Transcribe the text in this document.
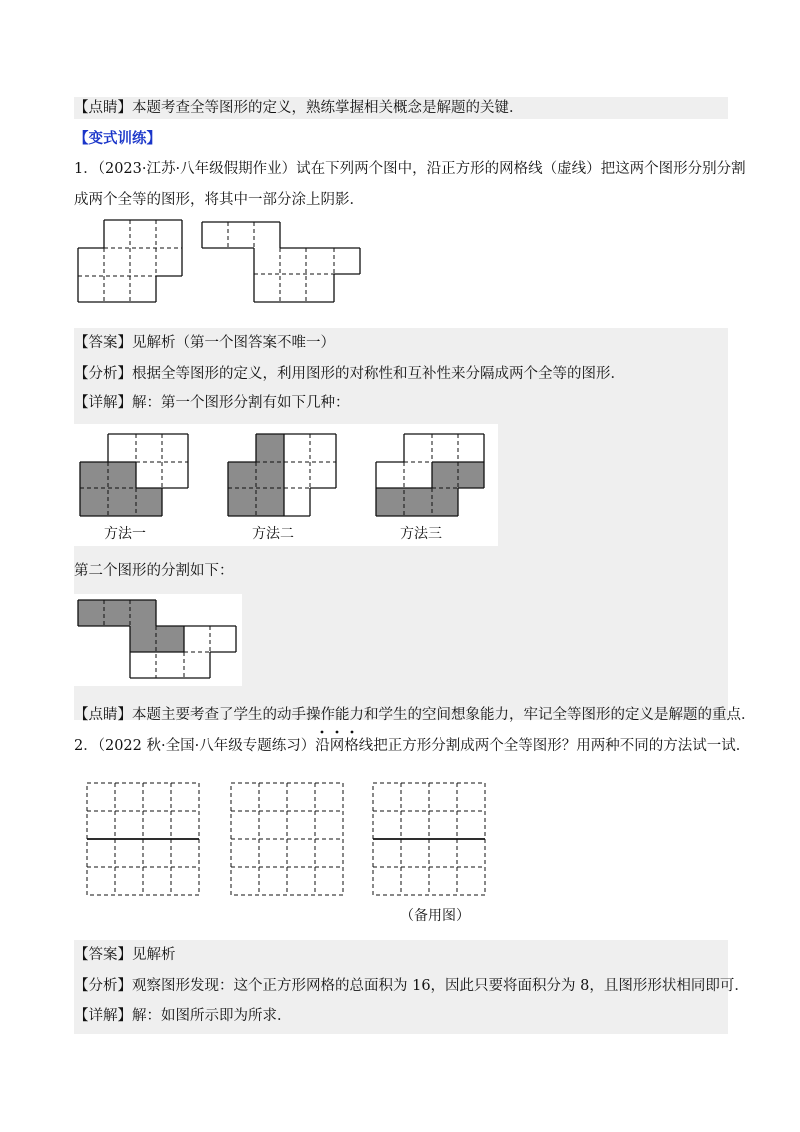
【点睛】本题考查全等图形的定义，熟练掌握相关概念是解题的关键．
【变式训练】
1．（2023·江苏·八年级假期作业）试在下列两个图中，沿正方形的网格线（虚线）把这两个图形分别分割
成两个全等的图形，将其中一部分涂上阴影．
【答案】见解析（第一个图答案不唯一）
【分析】根据全等图形的定义，利用图形的对称性和互补性来分隔成两个全等的图形．
【详解】解：第一个图形分割有如下几种：
方法一	方法二	方法三
第二个图形的分割如下：
【点睛】本题主要考查了学生的动手操作能力和学生的空间想象能力，牢记全等图形的定义是解题的重点．
2．（2022 秋·全国·八年级专题练习）沿网格线把正方形分割成两个全等图形？用两种不同的方法试一试．
（备用图）
【答案】见解析
【分析】观察图形发现：这个正方形网格的总面积为 16，因此只要将面积分为 8，且图形形状相同即可．
【详解】解：如图所示即为所求．
